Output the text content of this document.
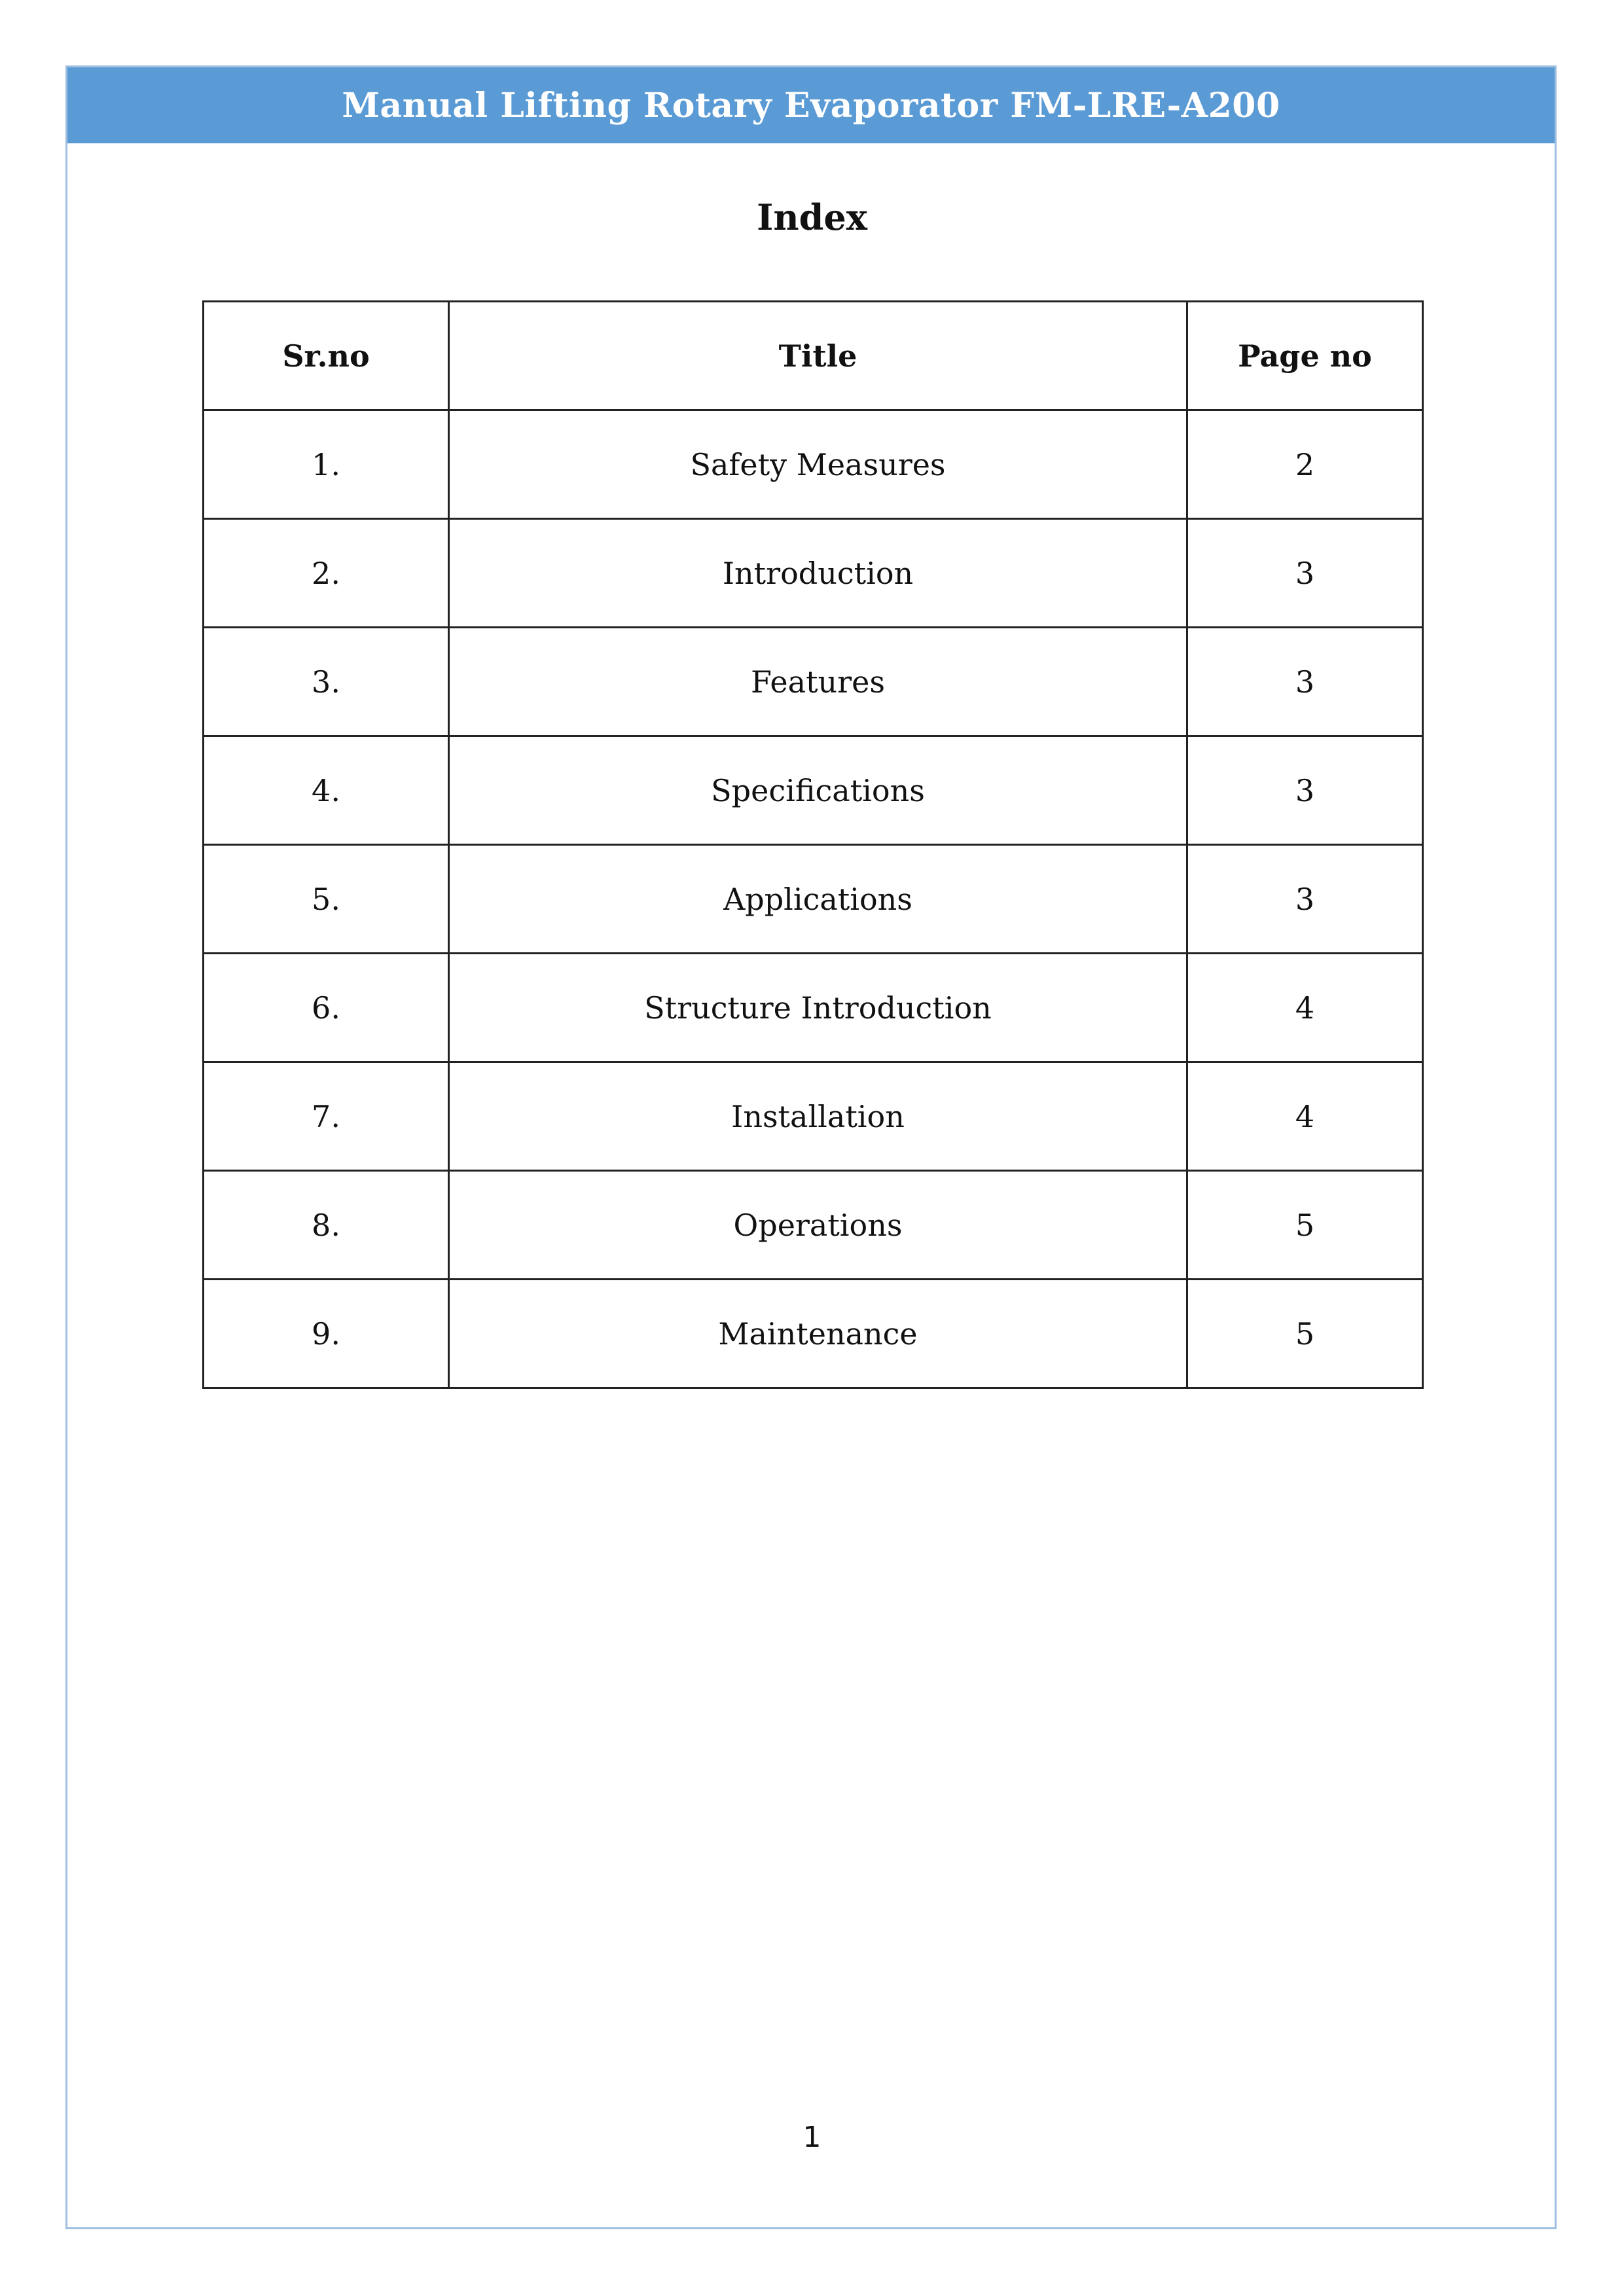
Manual Lifting Rotary Evaporator FM-LRE-A200
Index
Sr.no	Title	Page no
1.	Safety Measures	2
2.	Introduction	3
3.	Features	3
4.	Specifications	3
5.	Applications	3
6.	Structure Introduction	4
7.	Installation	4
8.	Operations	5
9.	Maintenance	5
1
